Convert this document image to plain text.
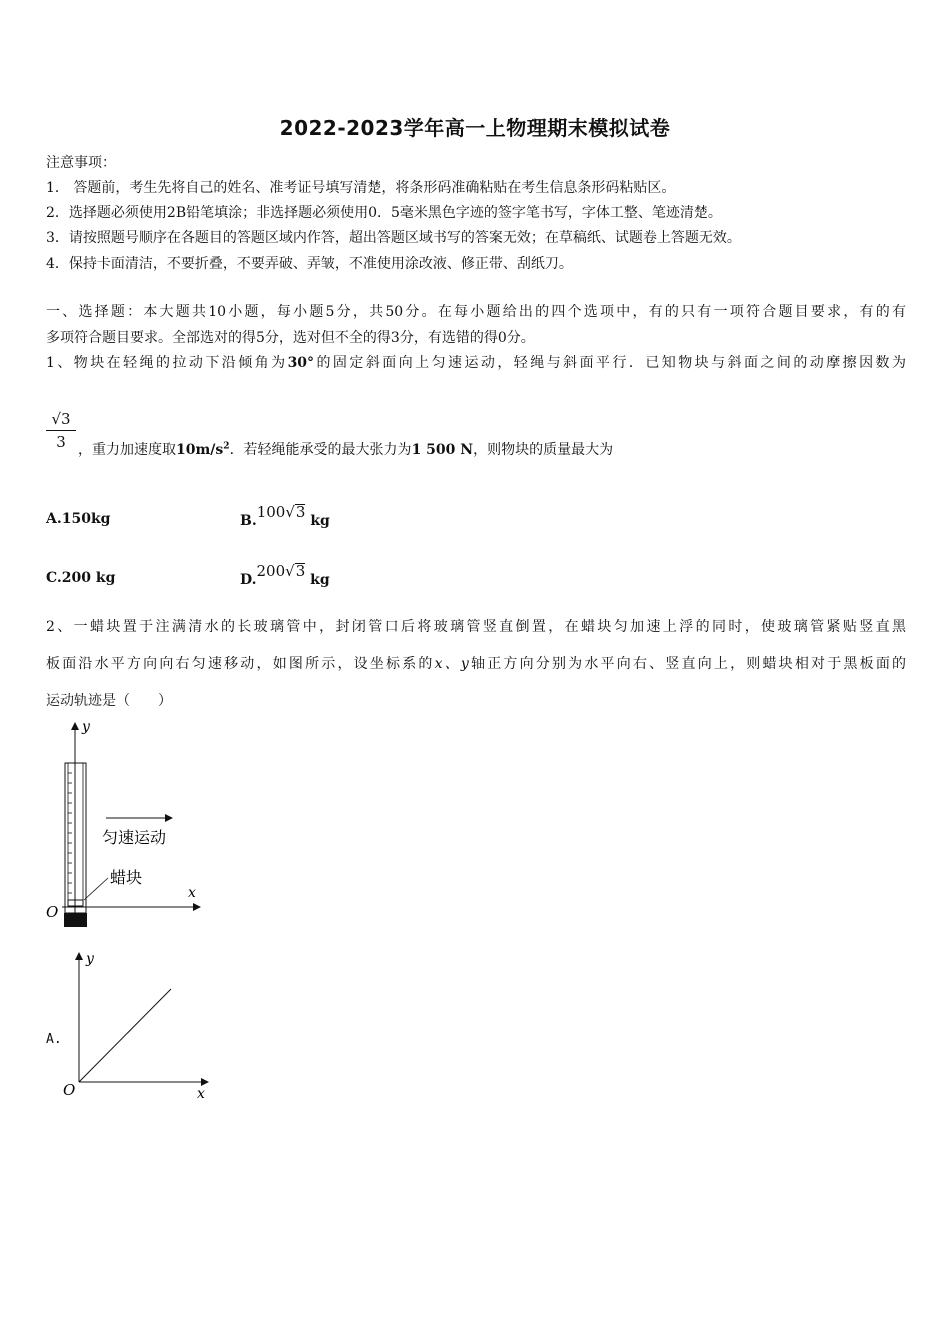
2022-2023学年高一上物理期末模拟试卷
注意事项：
1． 答题前，考生先将自己的姓名、准考证号填写清楚，将条形码准确粘贴在考生信息条形码粘贴区。
2．选择题必须使用2B铅笔填涂；非选择题必须使用0．5毫米黑色字迹的签字笔书写，字体工整、笔迹清楚。
3．请按照题号顺序在各题目的答题区域内作答，超出答题区域书写的答案无效；在草稿纸、试题卷上答题无效。
4．保持卡面清洁，不要折叠，不要弄破、弄皱，不准使用涂改液、修正带、刮纸刀。
一、选择题：本大题共10小题，每小题5分，共50分。在每小题给出的四个选项中，有的只有一项符合题目要求，有的有
多项符合题目要求。全部选对的得5分，选对但不全的得3分，有选错的得0分。
1、物块在轻绳的拉动下沿倾角为30°的固定斜面向上匀速运动，轻绳与斜面平行．已知物块与斜面之间的动摩擦因数为
$\frac{√3}{3}$ ，重力加速度取$10m/s^2$．若轻绳能承受的最大张力为1 500 N，则物块的质量最大为
A.150kg	B.100√3 kg
C.200 kg	D.200√3 kg
2、一蜡块置于注满清水的长玻璃管中，封闭管口后将玻璃管竖直倒置，在蜡块匀加速上浮的同时，使玻璃管紧贴竖直黑
板面沿水平方向向右匀速移动，如图所示，设坐标系的x、y轴正方向分别为水平向右、竖直向上，则蜡块相对于黑板面的
运动轨迹是（　　）
y
x
O
匀速运动
蜡块
A.
y
x
O
